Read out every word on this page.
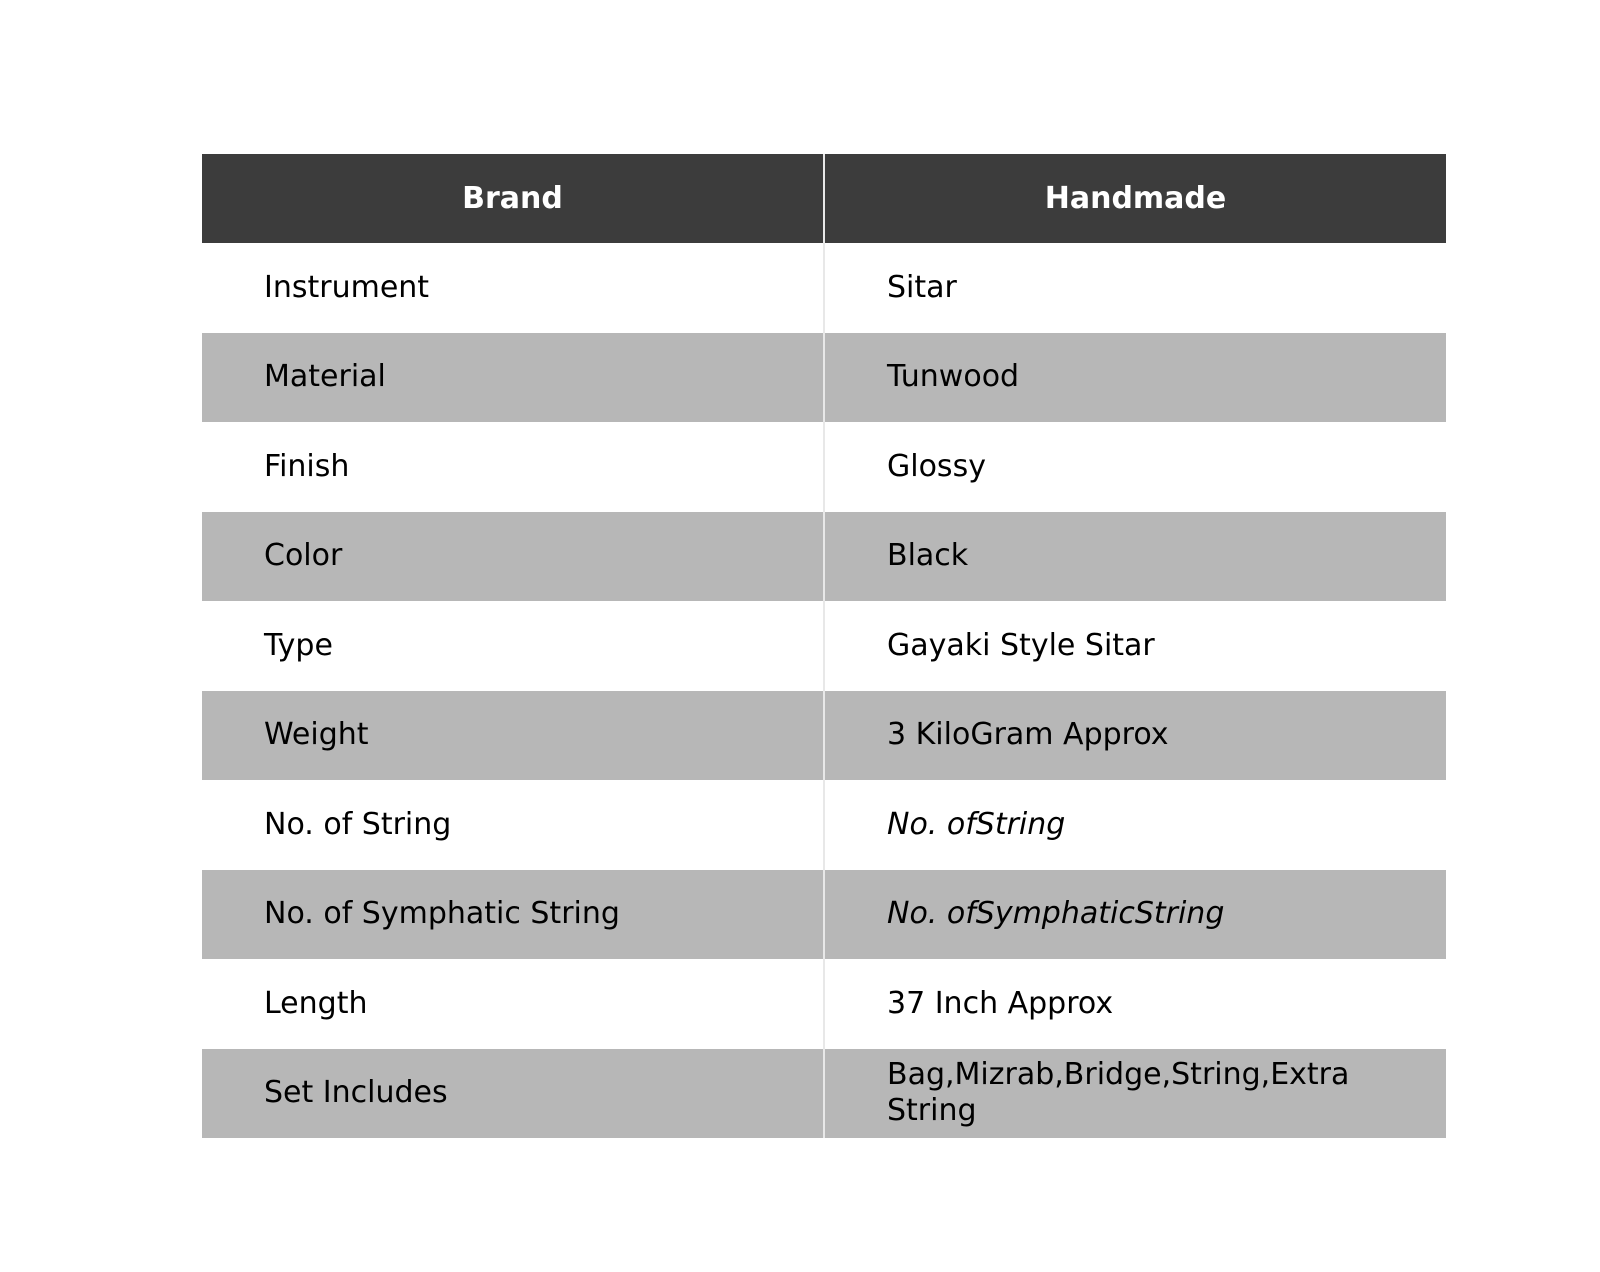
Brand	Handmade
Instrument	Sitar
Material	Tunwood
Finish	Glossy
Color	Black
Type	Gayaki Style Sitar
Weight	3 KiloGram Approx
No. of String	No. ofString
No. of Symphatic String	No. ofSymphaticString
Length	37 Inch Approx
Set Includes	Bag,Mizrab,Bridge,String,Extra String
